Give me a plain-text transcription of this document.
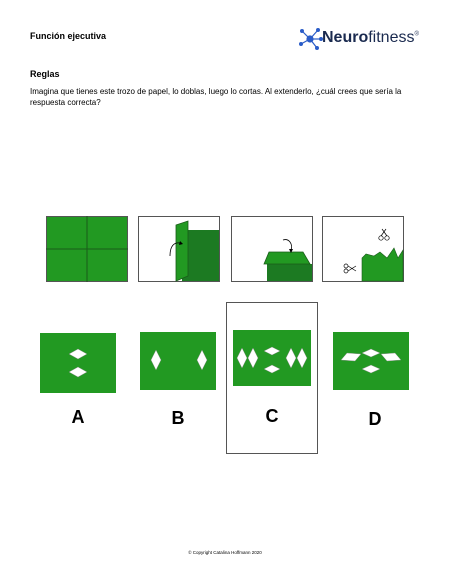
Función ejecutiva	Neurofitness®
Reglas
Imagina que tienes este trozo de papel, lo doblas, luego lo cortas. Al extenderlo, ¿cuál crees que sería la respuesta correcta?
A	B	C	D
© Copyright Catalina Hoffmann 2020
